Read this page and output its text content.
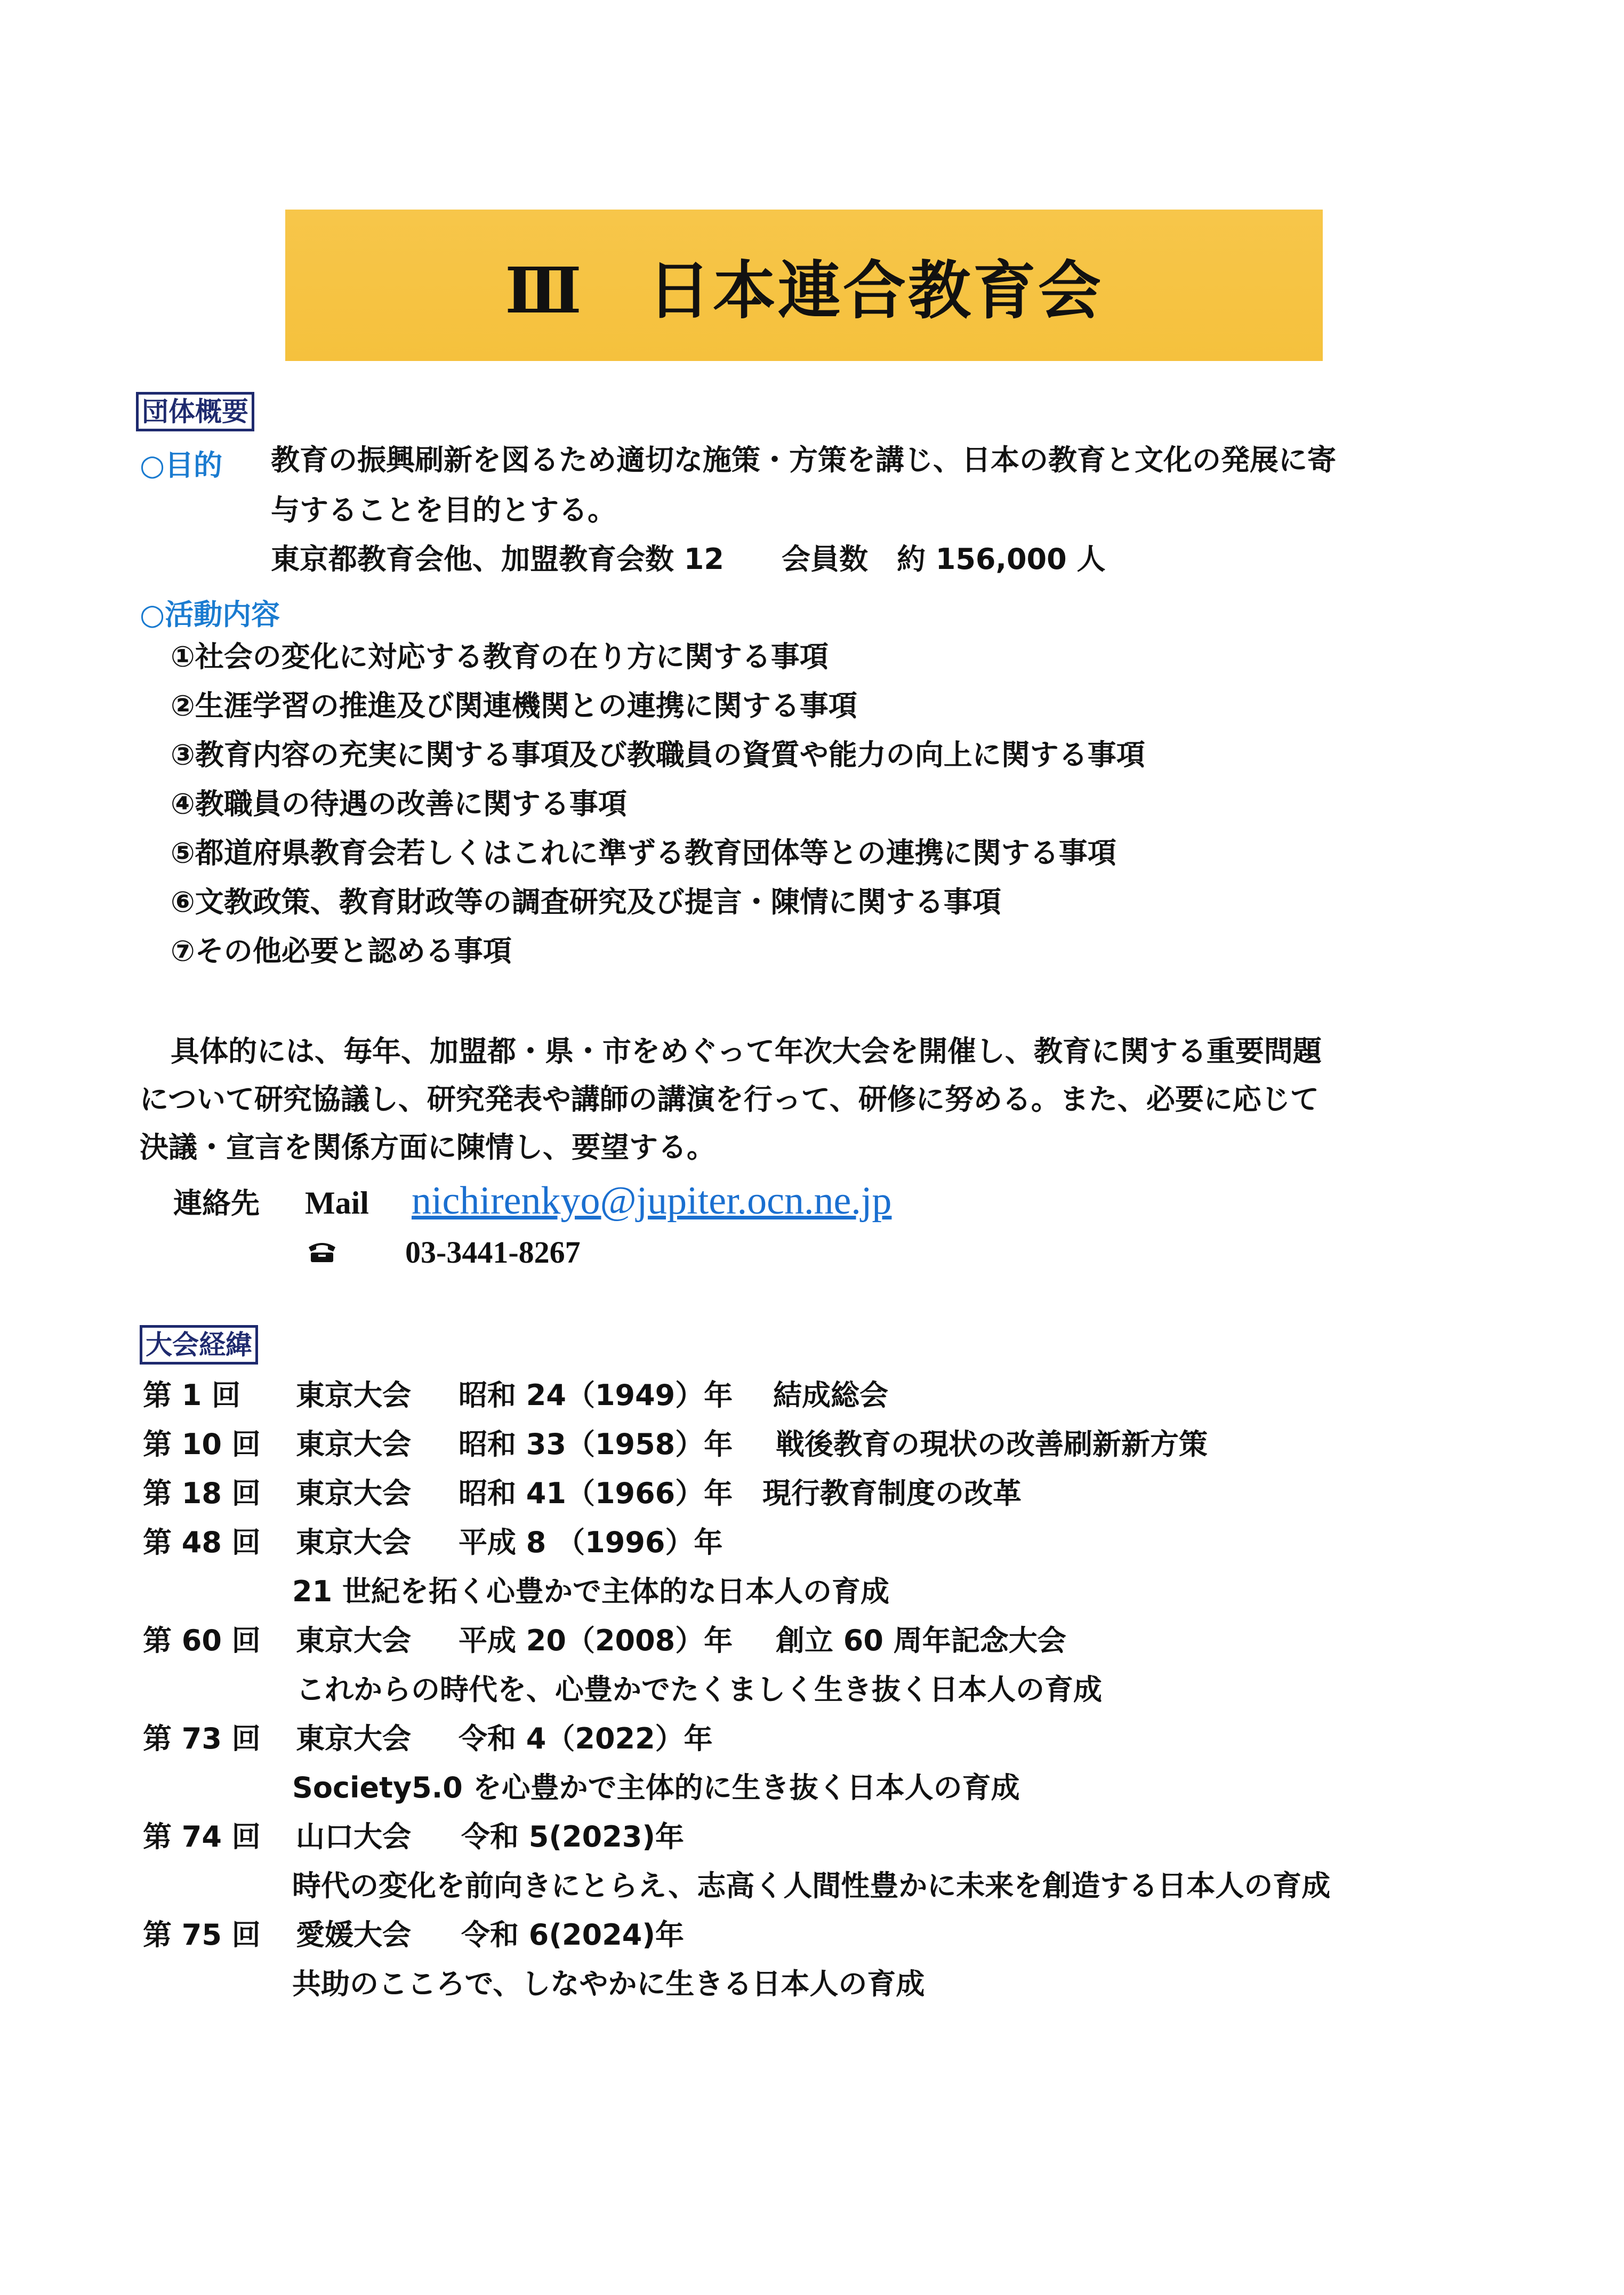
Ⅲ 日本連合教育会
団体概要
○目的 教育の振興刷新を図るため適切な施策・方策を講じ、日本の教育と文化の発展に寄
与することを目的とする。
東京都教育会他、加盟教育会数 12　　会員数　約 156,000 人
○活動内容
①社会の変化に対応する教育の在り方に関する事項
②生涯学習の推進及び関連機関との連携に関する事項
③教育内容の充実に関する事項及び教職員の資質や能力の向上に関する事項
④教職員の待遇の改善に関する事項
⑤都道府県教育会若しくはこれに準ずる教育団体等との連携に関する事項
⑥文教政策、教育財政等の調査研究及び提言・陳情に関する事項
⑦その他必要と認める事項
具体的には、毎年、加盟都・県・市をめぐって年次大会を開催し、教育に関する重要問題
について研究協議し、研究発表や講師の講演を行って、研修に努める。また、必要に応じて
決議・宣言を関係方面に陳情し、要望する。
連絡先 Mail nichirenkyo@jupiter.ocn.ne.jp
03-3441-8267
大会経緯
第 1 回 東京大会 昭和 24（1949）年 結成総会
第 10 回 東京大会 昭和 33（1958）年 戦後教育の現状の改善刷新新方策
第 18 回 東京大会 昭和 41（1966）年 現行教育制度の改革
第 48 回 東京大会 平成 8 （1996）年
21 世紀を拓く心豊かで主体的な日本人の育成
第 60 回 東京大会 平成 20（2008）年 創立 60 周年記念大会
これからの時代を、心豊かでたくましく生き抜く日本人の育成
第 73 回 東京大会 令和 4（2022）年
Society5.0 を心豊かで主体的に生き抜く日本人の育成
第 74 回 山口大会 令和 5(2023)年
時代の変化を前向きにとらえ、志高く人間性豊かに未来を創造する日本人の育成
第 75 回 愛媛大会 令和 6(2024)年
共助のこころで、しなやかに生きる日本人の育成
